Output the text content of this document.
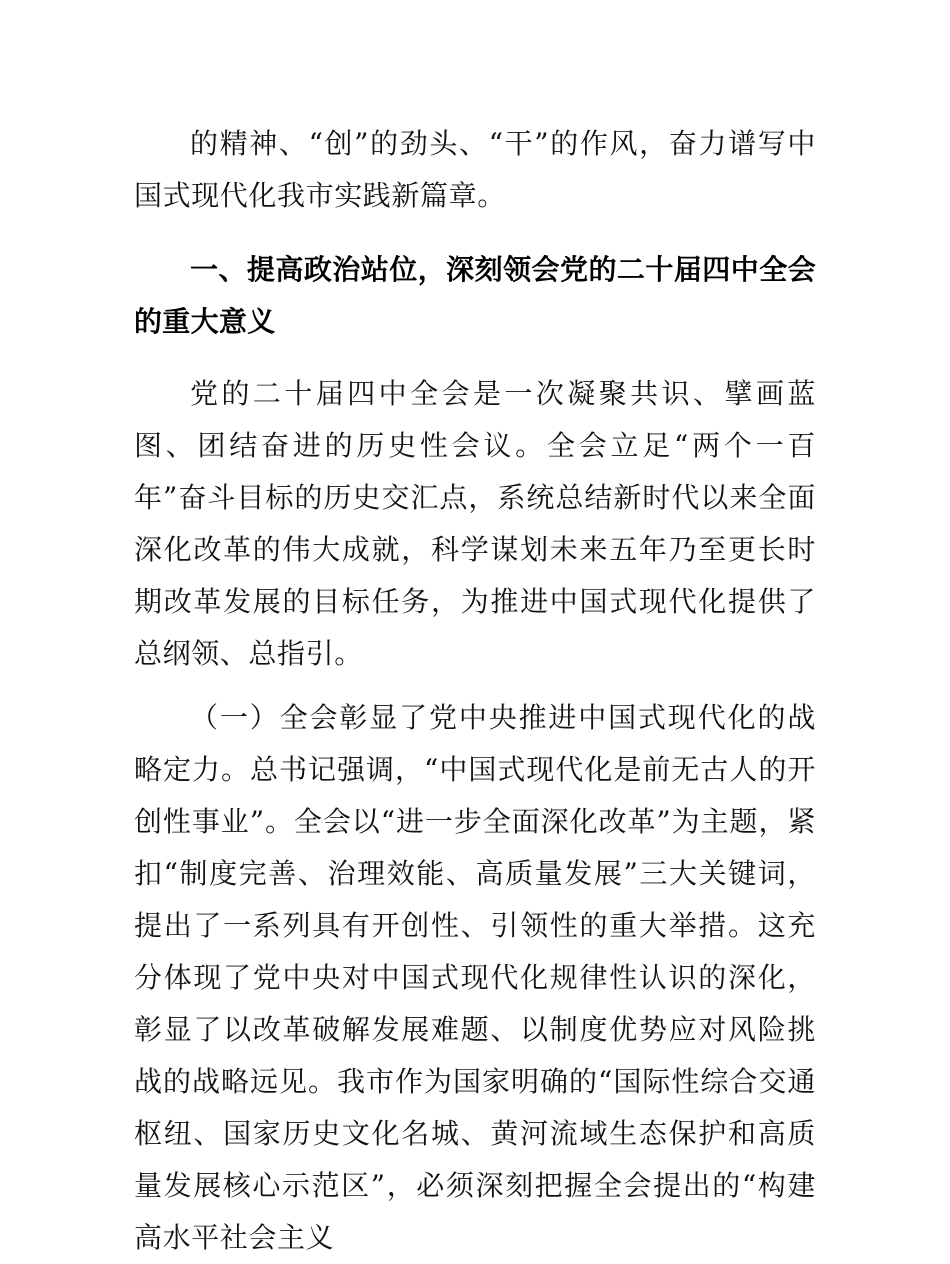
的精神、“创”的劲头、“干”的作风，奋力谱写中国式现代化我市实践新篇章。

一、提高政治站位，深刻领会党的二十届四中全会的重大意义

党的二十届四中全会是一次凝聚共识、擘画蓝图、团结奋进的历史性会议。全会立足“两个一百年”奋斗目标的历史交汇点，系统总结新时代以来全面深化改革的伟大成就，科学谋划未来五年乃至更长时期改革发展的目标任务，为推进中国式现代化提供了总纲领、总指引。

（一）全会彰显了党中央推进中国式现代化的战略定力。总书记强调，“中国式现代化是前无古人的开创性事业”。全会以“进一步全面深化改革”为主题，紧扣“制度完善、治理效能、高质量发展”三大关键词，提出了一系列具有开创性、引领性的重大举措。这充分体现了党中央对中国式现代化规律性认识的深化，彰显了以改革破解发展难题、以制度优势应对风险挑战的战略远见。我市作为国家明确的“国际性综合交通枢纽、国家历史文化名城、黄河流域生态保护和高质量发展核心示范区”，必须深刻把握全会提出的“构建高水平社会主义
